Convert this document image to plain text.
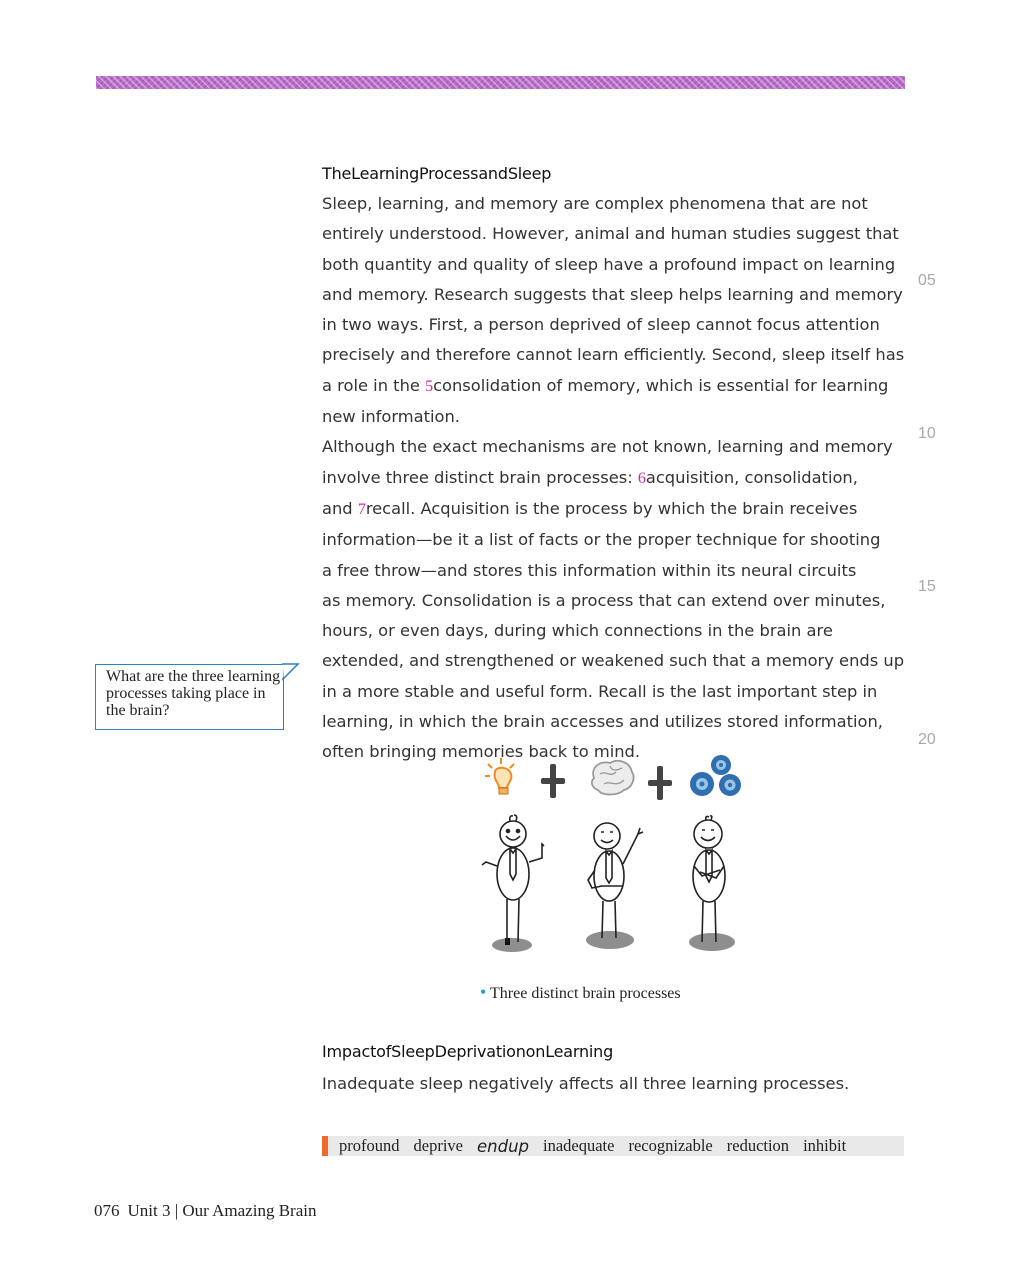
TheLearningProcessandSleep
Sleep, learning, and memory are complex phenomena that are not
entirely understood. However, animal and human studies suggest that
both quantity and quality of sleep have a profound impact on learning
and memory. Research suggests that sleep helps learning and memory
in two ways. First, a person deprived of sleep cannot focus attention
precisely and therefore cannot learn efficiently. Second, sleep itself has
a role in the 5consolidation of memory, which is essential for learning
new information.
Although the exact mechanisms are not known, learning and memory
involve three distinct brain processes: 6acquisition, consolidation,
and 7recall. Acquisition is the process by which the brain receives
information—be it a list of facts or the proper technique for shooting
a free throw—and stores this information within its neural circuits
as memory. Consolidation is a process that can extend over minutes,
hours, or even days, during which connections in the brain are
extended, and strengthened or weakened such that a memory ends up
in a more stable and useful form. Recall is the last important step in
learning, in which the brain accesses and utilizes stored information,
often bringing memories back to mind.
05
10
15
20
What are the three learning processes taking place in the brain?
• Three distinct brain processes
ImpactofSleepDeprivationonLearning
Inadequate sleep negatively affects all three learning processes.
profound deprive endup inadequate recognizable reduction inhibit
076 Unit 3 | Our Amazing Brain
